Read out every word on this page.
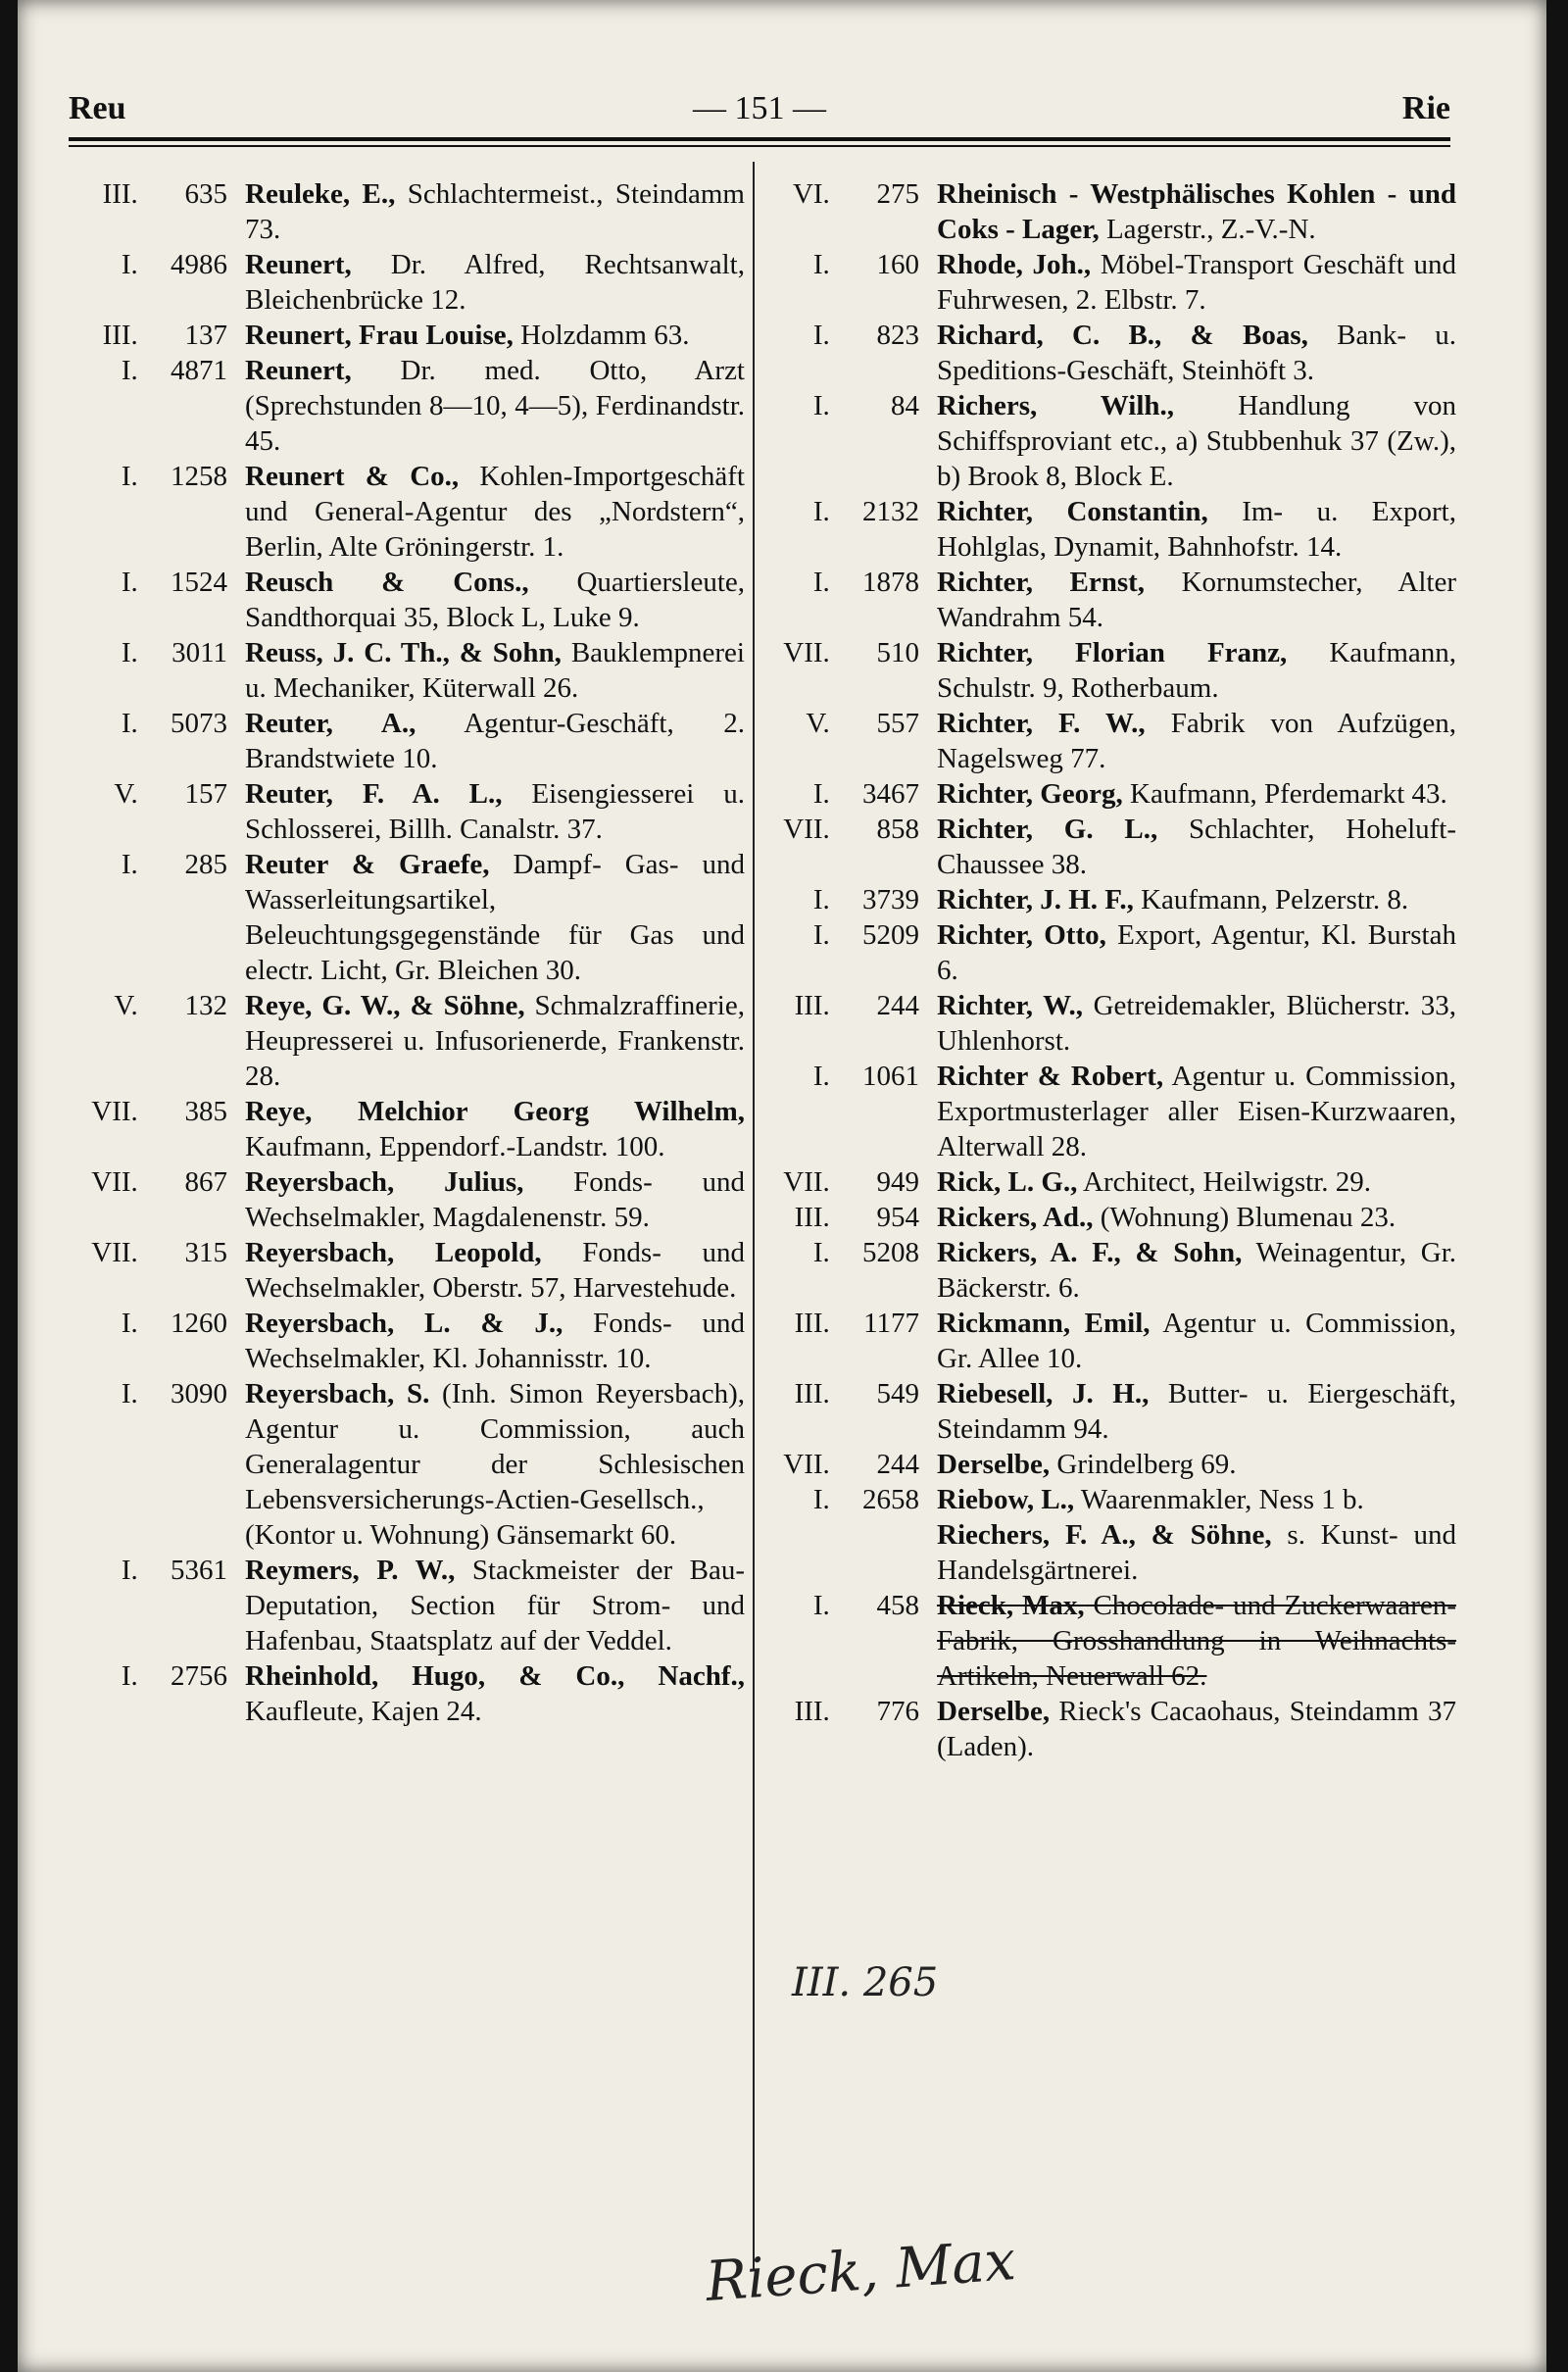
Reu	— 151 —	Rie
III.	635 Reuleke, E., Schlachtermeist., Steindamm 73.
I.	4986 Reunert, Dr. Alfred, Rechtsanwalt, Bleichenbrücke 12.
III.	137 Reunert, Frau Louise, Holzdamm 63.
I.	4871 Reunert, Dr. med. Otto, Arzt (Sprechstunden 8—10, 4—5), Ferdinandstr. 45.
I.	1258 Reunert & Co., Kohlen-Importgeschäft und General-Agentur des „Nordstern“, Berlin, Alte Gröningerstr. 1.
I.	1524 Reusch & Cons., Quartiersleute, Sandthorquai 35, Block L, Luke 9.
I.	3011 Reuss, J. C. Th., & Sohn, Bauklempnerei u. Mechaniker, Küterwall 26.
I.	5073 Reuter, A., Agentur-Geschäft, 2. Brandstwiete 10.
V.	157 Reuter, F. A. L., Eisengiesserei u. Schlosserei, Billh. Canalstr. 37.
I.	285 Reuter & Graefe, Dampf- Gas- und Wasserleitungsartikel, Beleuchtungsgegenstände für Gas und electr. Licht, Gr. Bleichen 30.
V.	132 Reye, G. W., & Söhne, Schmalzraffinerie, Heupresserei u. Infusorienerde, Frankenstr. 28.
VII.	385 Reye, Melchior Georg Wilhelm, Kaufmann, Eppendorf.-Landstr. 100.
VII.	867 Reyersbach, Julius, Fonds- und Wechselmakler, Magdalenenstr. 59.
VII.	315 Reyersbach, Leopold, Fonds- und Wechselmakler, Oberstr. 57, Harvestehude.
I.	1260 Reyersbach, L. & J., Fonds- und Wechselmakler, Kl. Johannisstr. 10.
I.	3090 Reyersbach, S. (Inh. Simon Reyersbach), Agentur u. Commission, auch Generalagentur der Schlesischen Lebensversicherungs-Actien-Gesellsch., (Kontor u. Wohnung) Gänsemarkt 60.
I.	5361 Reymers, P. W., Stackmeister der Bau-Deputation, Section für Strom- und Hafenbau, Staatsplatz auf der Veddel.
I.	2756 Rheinhold, Hugo, & Co., Nachf., Kaufleute, Kajen 24.
VI.	275 Rheinisch - Westphälisches Kohlen - und Coks - Lager, Lagerstr., Z.-V.-N.
I.	160 Rhode, Joh., Möbel-Transport Geschäft und Fuhrwesen, 2. Elbstr. 7.
I.	823 Richard, C. B., & Boas, Bank- u. Speditions-Geschäft, Steinhöft 3.
I.	84 Richers, Wilh., Handlung von Schiffsproviant etc., a) Stubbenhuk 37 (Zw.), b) Brook 8, Block E.
I.	2132 Richter, Constantin, Im- u. Export, Hohlglas, Dynamit, Bahnhofstr. 14.
I.	1878 Richter, Ernst, Kornumstecher, Alter Wandrahm 54.
VII.	510 Richter, Florian Franz, Kaufmann, Schulstr. 9, Rotherbaum.
V.	557 Richter, F. W., Fabrik von Aufzügen, Nagelsweg 77.
I.	3467 Richter, Georg, Kaufmann, Pferdemarkt 43.
VII.	858 Richter, G. L., Schlachter, Hoheluft-Chaussee 38.
I.	3739 Richter, J. H. F., Kaufmann, Pelzerstr. 8.
I.	5209 Richter, Otto, Export, Agentur, Kl. Burstah 6.
III.	244 Richter, W., Getreidemakler, Blücherstr. 33, Uhlenhorst.
I.	1061 Richter & Robert, Agentur u. Commission, Exportmusterlager aller Eisen-Kurzwaaren, Alterwall 28.
VII.	949 Rick, L. G., Architect, Heilwigstr. 29.
III.	954 Rickers, Ad., (Wohnung) Blumenau 23.
I.	5208 Rickers, A. F., & Sohn, Weinagentur, Gr. Bäckerstr. 6.
III.	1177 Rickmann, Emil, Agentur u. Commission, Gr. Allee 10.
III.	549 Riebesell, J. H., Butter- u. Eiergeschäft, Steindamm 94.
VII.	244 Derselbe, Grindelberg 69.
I.	2658 Riebow, L., Waarenmakler, Ness 1 b.
Riechers, F. A., & Söhne, s. Kunst- und Handelsgärtnerei.
I.	458 Rieck, Max, Chocolade- und Zuckerwaaren-Fabrik, Grosshandlung in Weihnachts-Artikeln, Neuerwall 62.
III.	776 Derselbe, Rieck's Cacaohaus, Steindamm 37 (Laden).
III. 265
Rieck, Max
